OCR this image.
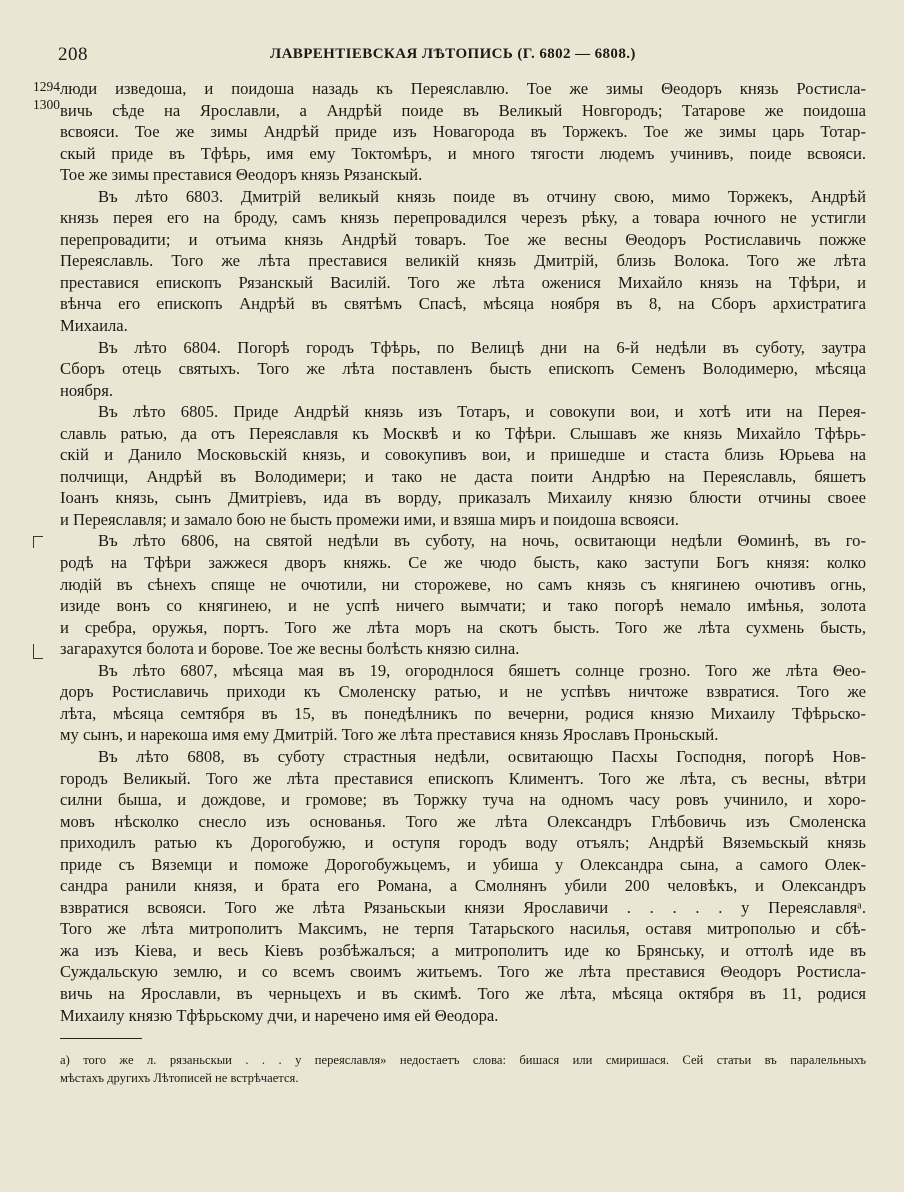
208	ЛАВРЕНТІЕВСКАЯ ЛѢТОПИСЬ (Г. 6802 — 6808.)
1294
1300
люди изведоша, и поидоша назадь къ Переяславлю. Тое же зимы Θеодоръ князь Ростисла-
вичь сѣде на Ярославли, а Андрѣй поиде въ Великый Новгородъ; Татарове же поидоша
всвояси. Тое же зимы Андрѣй приде изъ Новагорода въ Торжекъ. Тое же зимы царь Тотар-
скый приде въ Тфѣрь, имя ему Токтомѣръ, и много тягости людемъ учинивъ, поиде всвояси.
Тое же зимы преставися Θеодоръ князь Рязанскый.
Въ лѣто 6803. Дмитрій великый князь поиде въ отчину свою, мимо Торжекъ, Андрѣй
князь перея его на броду, самъ князь перепровадился черезъ рѣку, а товара ючного не устигли
перепровадити; и отъима князь Андрѣй товаръ. Тое же весны Θеодоръ Ростиславичь пожже
Переяславль. Того же лѣта преставися великій князь Дмитрій, близь Волока. Того же лѣта
преставися епископъ Рязанскый Василій. Того же лѣта оженися Михайло князь на Тфѣри, и
вѣнча его епископъ Андрѣй въ святѣмъ Спасѣ, мѣсяца ноября въ 8, на Сборъ архистратига
Михаила.
Въ лѣто 6804. Погорѣ городъ Тфѣрь, по Велицѣ дни на 6-й недѣли въ суботу, заутра
Сборъ отець святыхъ. Того же лѣта поставленъ бысть епископъ Семенъ Володимерю, мѣсяца
ноября.
Въ лѣто 6805. Приде Андрѣй князь изъ Тотаръ, и совокупи вои, и хотѣ ити на Перея-
славль ратью, да отъ Переяславля къ Москвѣ и ко Тфѣри. Слышавъ же князь Михайло Тфѣрь-
скій и Данило Московьскій князь, и совокупивъ вои, и пришедше и стаста близь Юрьева на
полчищи, Андрѣй въ Володимери; и тако не даста поити Андрѣю на Переяславль, бяшетъ
Іоанъ князь, сынъ Дмитріевъ, ида въ вордy, приказалъ Михаилу князю блюсти отчины своее
и Переяславля; и замало бою не бысть промежи ими, и взяша миръ и поидоша всвояси.
Въ лѣто 6806, на святой недѣли въ суботу, на ночь, освитающи недѣли Θоминѣ, въ го-
родѣ на Тфѣри зажжеся дворъ княжь. Се же чюдо бысть, како заступи Богъ князя: колко
людій въ сѣнехъ спяще не очютили, ни сторожеве, но самъ князь съ княгинею очютивъ огнь,
изиде вонъ со княгинею, и не успѣ ничего вымчати; и тако погорѣ немало имѣнья, золота
и сребра, оружья, портъ. Того же лѣта моръ на скотъ бысть. Того же лѣта сухмень бысть,
загарахутся болота и борове. Тое же весны болѣсть князю силна.
Въ лѣто 6807, мѣсяца мая въ 19, огороднлося бяшетъ солнце грозно. Того же лѣта Θео-
доръ Ростиславичь приходи къ Смоленску ратью, и не успѣвъ ничтоже взвратися. Того же
лѣта, мѣсяца семтября въ 15, въ понедѣлникъ по вечерни, родися князю Михаилу Тфѣрьско-
му сынъ, и нарекоша имя ему Дмитрій. Того же лѣта преставися князь Ярославъ Проньскый.
Въ лѣто 6808, въ суботу страстныя недѣли, освитающю Пасхы Господня, погорѣ Нов-
городъ Великый. Того же лѣта преставися епископъ Климентъ. Того же лѣта, съ весны, вѣтри
силни быша, и дождове, и громове; въ Торжку туча на одномъ часу ровъ учинило, и хоро-
мовъ нѣсколко снесло изъ основанья. Того же лѣта Олександръ Глѣбовичь изъ Смоленска
приходилъ ратью къ Дорогобужю, и оступя городъ воду отъялъ; Андрѣй Вяземьскый князь
приде съ Вяземци и поможе Дорогобужьцемъ, и убиша у Олександра сына, а самого Олек-
сандра ранили князя, и брата его Романа, а Смолнянъ убили 200 человѣкъ, и Олександръ
взвратися всвояси. Того же лѣта Рязаньскыи князи Ярославичи . . . . . у Переяславляᵃ.
Того же лѣта митрополитъ Максимъ, не терпя Татарьского насилья, оставя митрополью и сбѣ-
жа изъ Кіева, и весь Кіевъ розбѣжалъся; а митрополитъ иде ко Брянську, и оттолѣ иде въ
Суждальскую землю, и со всемъ своимъ житьемъ. Того же лѣта преставися Θеодоръ Ростисла-
вичь на Ярославли, въ черньцехъ и въ скимѣ. Того же лѣта, мѣсяца октября въ 11, родися
Михаилу князю Тфѣрьскому дчи, и наречено имя ей Θеодора.
а) того же л. рязаньскыи . . . у переяславля» недостаетъ слова: бишася или смиришася. Сей статьи въ паралельныхъ
мѣстахъ другихъ Лѣтописей не встрѣчается.
